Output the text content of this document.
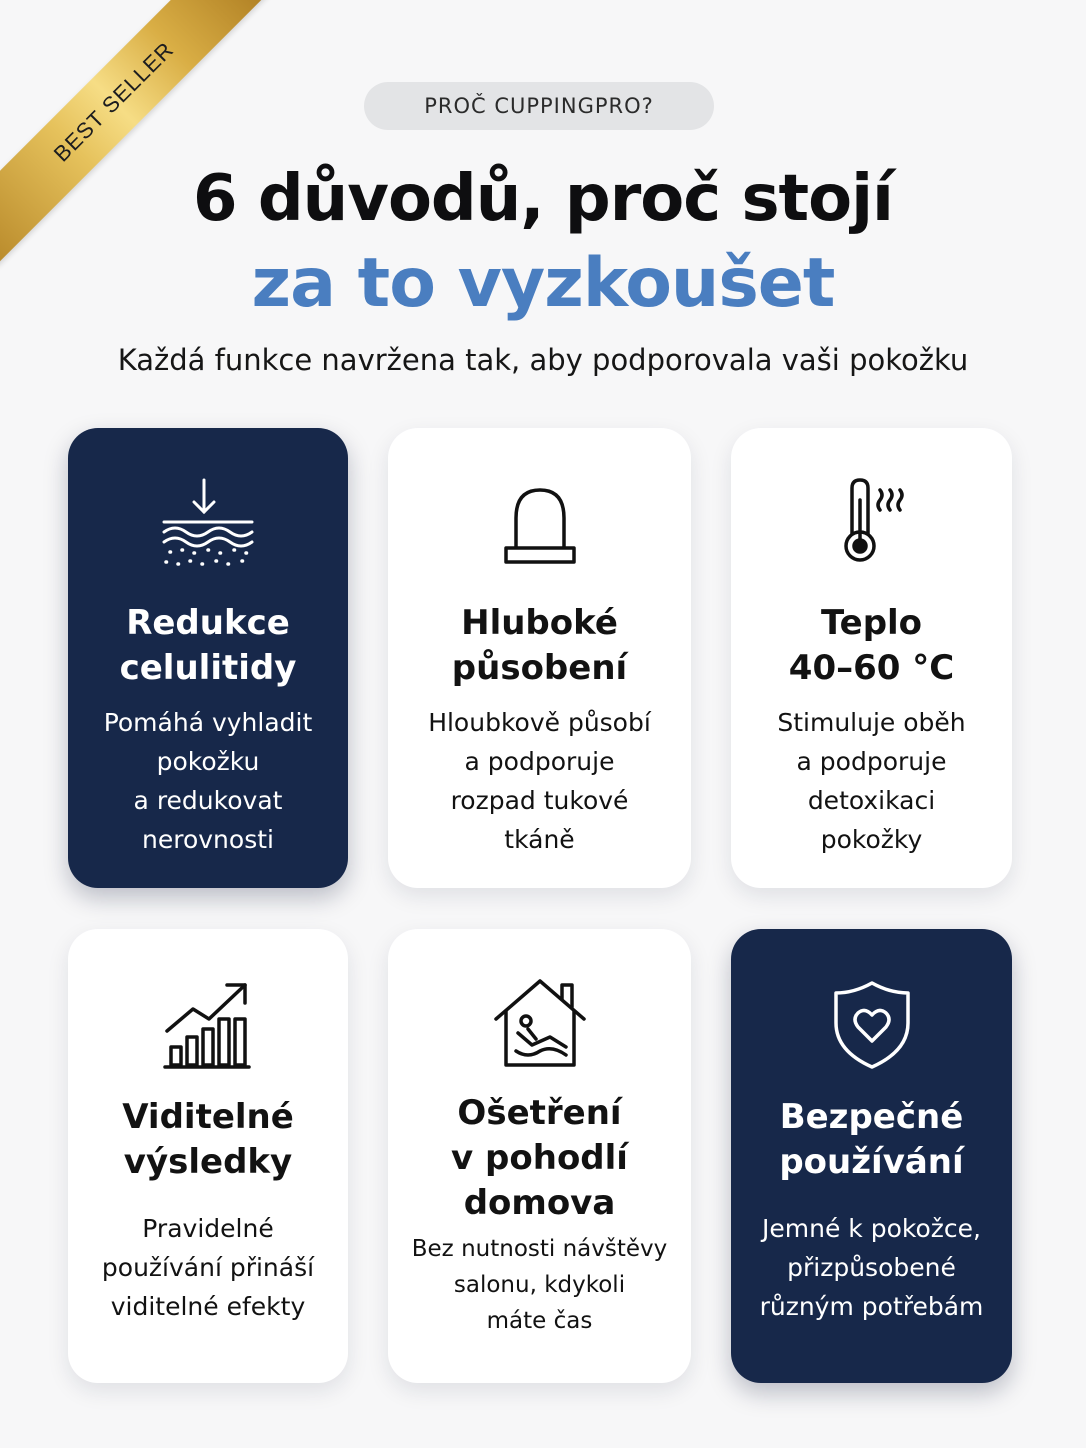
BEST SELLER	PROČ CUPPINGPRO?
6 důvodů, proč stojí
za to vyzkoušet
Každá funkce navržena tak, aby podporovala vaši pokožku
Redukce
celulitidy
Pomáhá vyhladit
pokožku
a redukovat
nerovnosti
Hluboké
působení
Hloubkově působí
a podporuje
rozpad tukové
tkáně
Teplo
40–60 °C
Stimuluje oběh
a podporuje
detoxikaci
pokožky
Viditelné
výsledky
Pravidelné
používání přináší
viditelné efekty
Ošetření
v pohodlí
domova
Bez nutnosti návštěvy
salonu, kdykoli
máte čas
Bezpečné
používání
Jemné k pokožce,
přizpůsobené
různým potřebám
